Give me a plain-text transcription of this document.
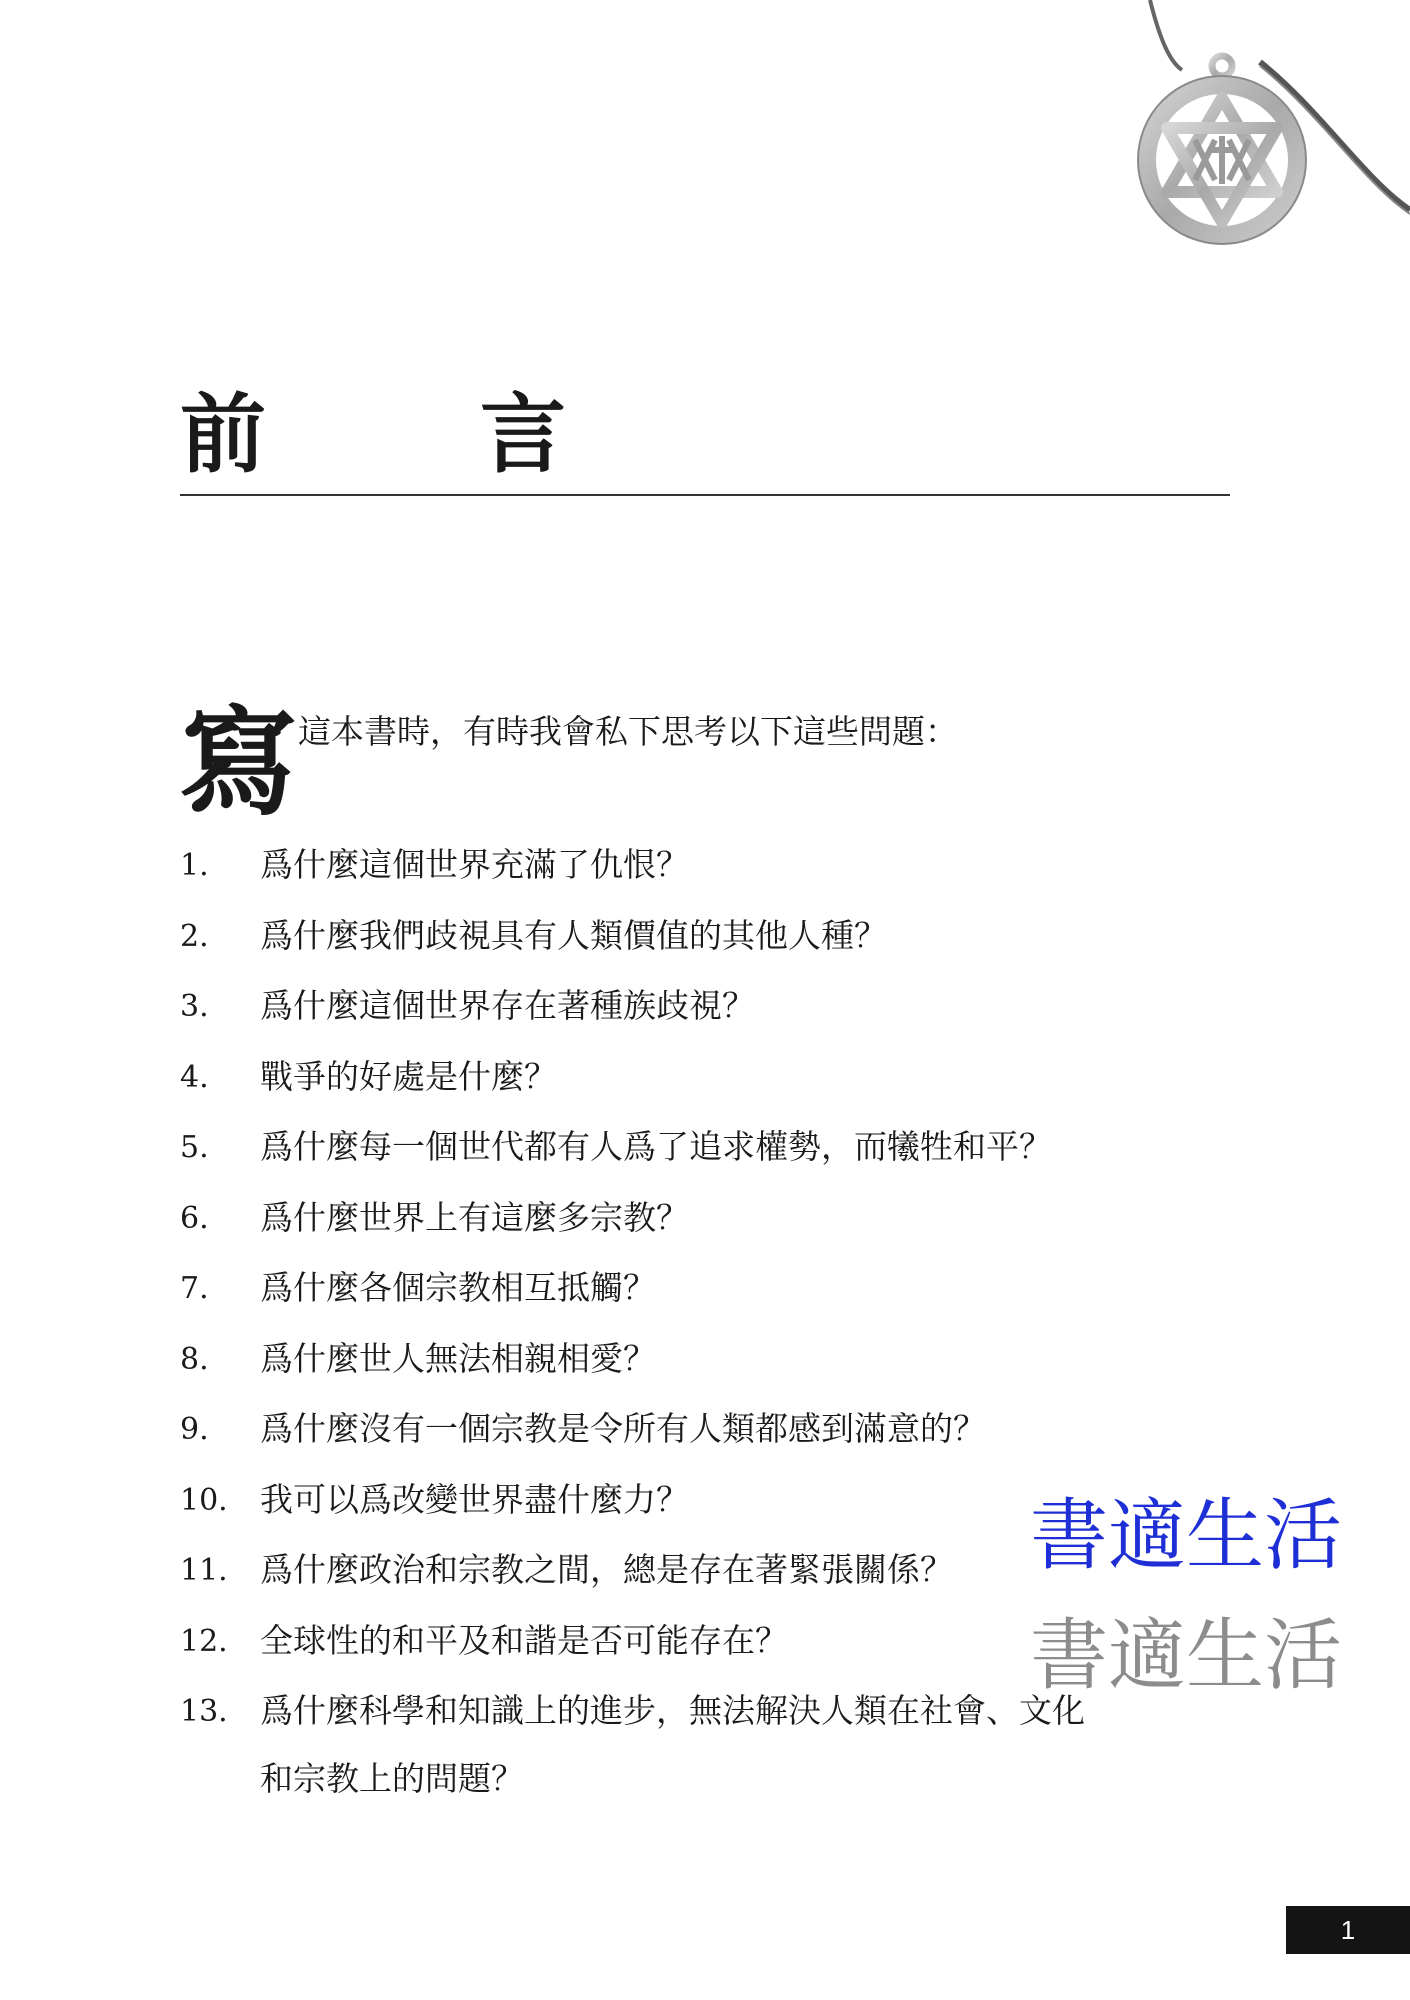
前 言
寫 這本書時，有時我會私下思考以下這些問題：
1. 爲什麼這個世界充滿了仇恨？
2. 爲什麼我們歧視具有人類價值的其他人種？
3. 爲什麼這個世界存在著種族歧視？
4. 戰爭的好處是什麼？
5. 爲什麼每一個世代都有人爲了追求權勢，而犧牲和平？
6. 爲什麼世界上有這麼多宗教？
7. 爲什麼各個宗教相互抵觸？
8. 爲什麼世人無法相親相愛？
9. 爲什麼沒有一個宗教是令所有人類都感到滿意的？
10. 我可以爲改變世界盡什麼力？
11. 爲什麼政治和宗教之間，總是存在著緊張關係？
12. 全球性的和平及和諧是否可能存在？
13. 爲什麼科學和知識上的進步，無法解決人類在社會、文化
和宗教上的問題？
書適生活
書適生活
1
